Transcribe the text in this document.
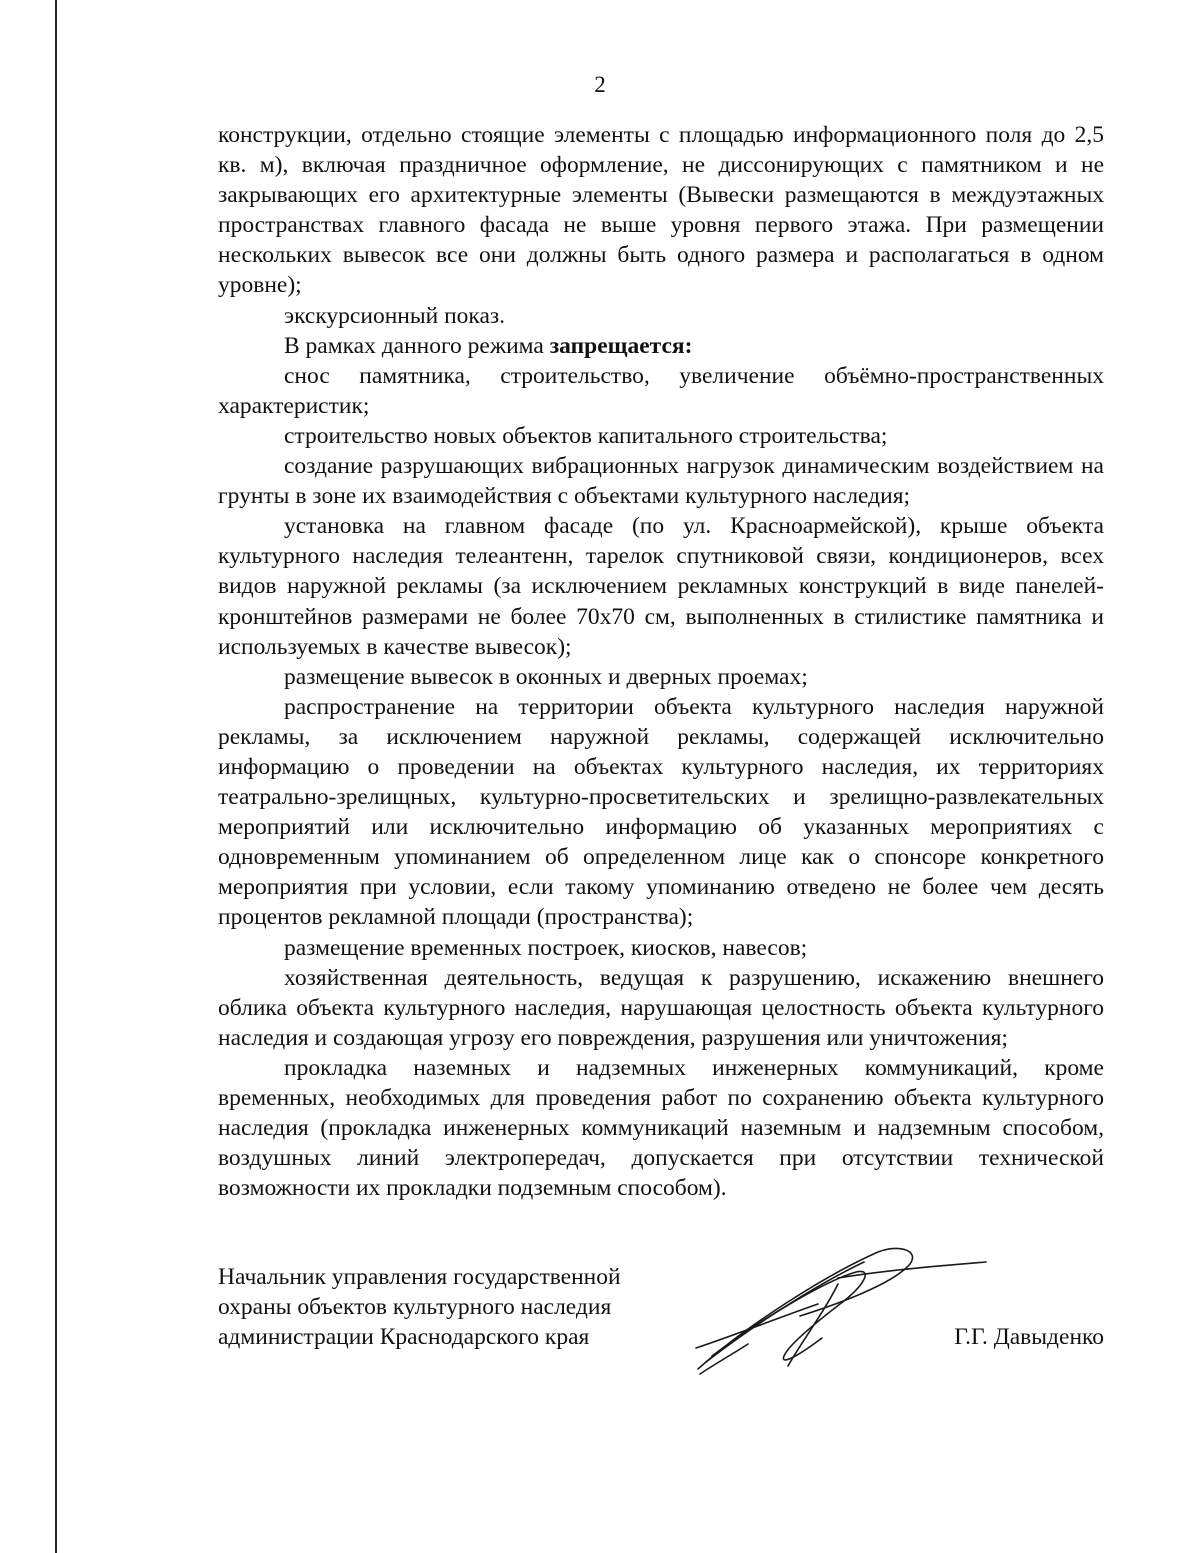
2

конструкции, отдельно стоящие элементы с площадью информационного поля до 2,5 кв. м), включая праздничное оформление, не диссонирующих с памятником и не закрывающих его архитектурные элементы (Вывески размещаются в междуэтажных пространствах главного фасада не выше уровня первого этажа. При размещении нескольких вывесок все они должны быть одного размера и располагаться в одном уровне);

экскурсионный показ.

В рамках данного режима запрещается:

снос памятника, строительство, увеличение объёмно-пространственных характеристик;

строительство новых объектов капитального строительства;

создание разрушающих вибрационных нагрузок динамическим воздействием на грунты в зоне их взаимодействия с объектами культурного наследия;

установка на главном фасаде (по ул. Красноармейской), крыше объекта культурного наследия телеантенн, тарелок спутниковой связи, кондиционеров, всех видов наружной рекламы (за исключением рекламных конструкций в виде панелей-кронштейнов размерами не более 70х70 см, выполненных в стилистике памятника и используемых в качестве вывесок);

размещение вывесок в оконных и дверных проемах;

распространение на территории объекта культурного наследия наружной рекламы, за исключением наружной рекламы, содержащей исключительно информацию о проведении на объектах культурного наследия, их территориях театрально-зрелищных, культурно-просветительских и зрелищно-развлекательных мероприятий или исключительно информацию об указанных мероприятиях с одновременным упоминанием об определенном лице как о спонсоре конкретного мероприятия при условии, если такому упоминанию отведено не более чем десять процентов рекламной площади (пространства);

размещение временных построек, киосков, навесов;

хозяйственная деятельность, ведущая к разрушению, искажению внешнего облика объекта культурного наследия, нарушающая целостность объекта культурного наследия и создающая угрозу его повреждения, разрушения или уничтожения;

прокладка наземных и надземных инженерных коммуникаций, кроме временных, необходимых для проведения работ по сохранению объекта культурного наследия (прокладка инженерных коммуникаций наземным и надземным способом, воздушных линий электропередач, допускается при отсутствии технической возможности их прокладки подземным способом).

Начальник управления государственной
охраны объектов культурного наследия
администрации Краснодарского края	Г.Г. Давыденко
